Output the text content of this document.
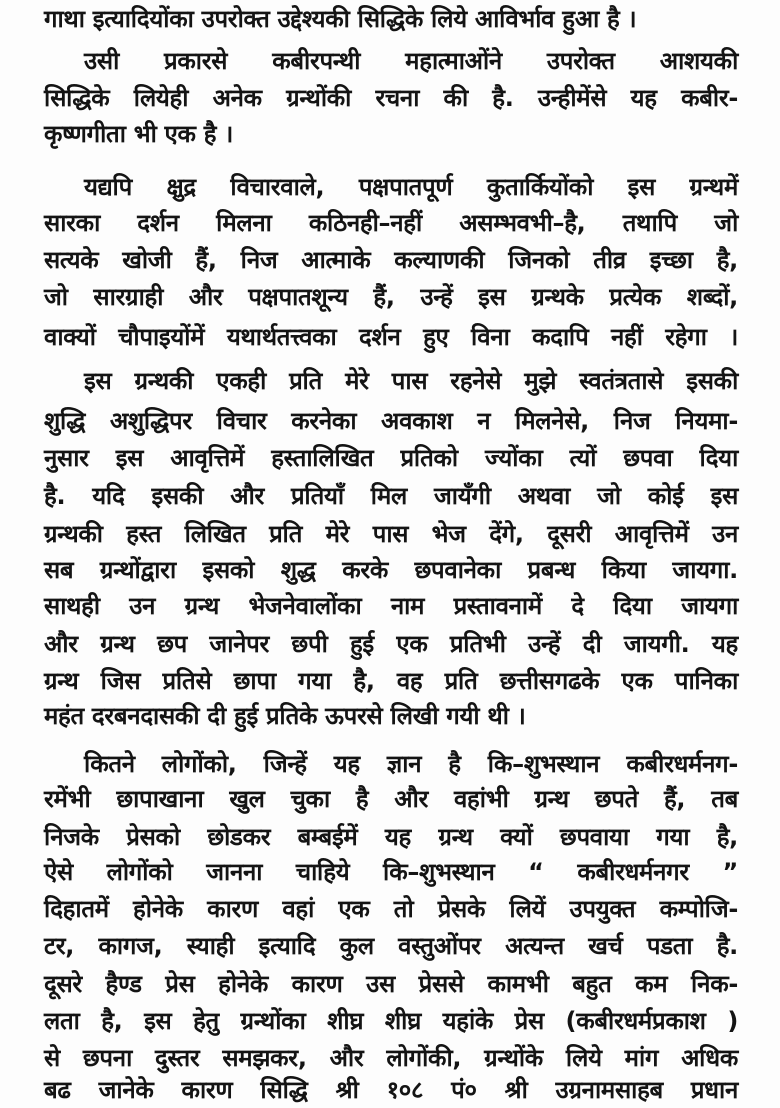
गाथा इत्यादियोंका उपरोक्त उद्देश्यकी सिद्धिके लिये आविर्भाव हुआ है ।
उसी प्रकारसे कबीरपन्थी महात्माओंने उपरोक्त आशयकी
सिद्धिके लियेही अनेक ग्रन्थोंकी रचना की है. उन्हीमेंसे यह कबीर-
कृष्णगीता भी एक है ।
यद्यपि क्षुद्र विचारवाले, पक्षपातपूर्ण कुतार्कियोंको इस ग्रन्थमें
सारका दर्शन मिलना कठिनही–नहीं असम्भवभी–है, तथापि जो
सत्यके खोजी हैं, निज आत्माके कल्याणकी जिनको तीव्र इच्छा है,
जो सारग्राही और पक्षपातशून्य हैं, उन्हें इस ग्रन्थके प्रत्येक शब्दों,
वाक्यों चौपाइयोंमें यथार्थतत्त्वका दर्शन हुए विना कदापि नहीं रहेगा ।
इस ग्रन्थकी एकही प्रति मेरे पास रहनेसे मुझे स्वतंत्रतासे इसकी
शुद्धि अशुद्धिपर विचार करनेका अवकाश न मिलनेसे, निज नियमा-
नुसार इस आवृत्तिमें हस्तालिखित प्रतिको ज्योंका त्यों छपवा दिया
है. यदि इसकी और प्रतियाँ मिल जायँगी अथवा जो कोई इस
ग्रन्थकी हस्त लिखित प्रति मेरे पास भेज देंगे, दूसरी आवृत्तिमें उन
सब ग्रन्थोंद्वारा इसको शुद्ध करके छपवानेका प्रबन्ध किया जायगा.
साथही उन ग्रन्थ भेजनेवालोंका नाम प्रस्तावनामें दे दिया जायगा
और ग्रन्थ छप जानेपर छपी हुई एक प्रतिभी उन्हें दी जायगी. यह
ग्रन्थ जिस प्रतिसे छापा गया है, वह प्रति छत्तीसगढके एक पानिका
महंत दरबनदासकी दी हुई प्रतिके ऊपरसे लिखी गयी थी ।
कितने लोगोंको, जिन्हें यह ज्ञान है कि–शुभस्थान कबीरधर्मनग-
रमेंभी छापाखाना खुल चुका है और वहांभी ग्रन्थ छपते हैं, तब
निजके प्रेसको छोडकर बम्बईमें यह ग्रन्थ क्यों छपवाया गया है,
ऐसे लोगोंको जानना चाहिये कि–शुभस्थान “ कबीरधर्मनगर ”
दिहातमें होनेके कारण वहां एक तो प्रेसके लियें उपयुक्त कम्पोजि-
टर, कागज, स्याही इत्यादि कुल वस्तुओंपर अत्यन्त खर्च पडता है.
दूसरे हैण्ड प्रेस होनेके कारण उस प्रेससे कामभी बहुत कम निक-
लता है, इस हेतु ग्रन्थोंका शीघ्र शीघ्र यहांके प्रेस (कबीरधर्मप्रकाश )
से छपना दुस्तर समझकर, और लोगोंकी, ग्रन्थोंके लिये मांग अधिक
बढ जानेके कारण सिद्धि श्री १०८ पं० श्री उग्रनामसाहब प्रधान
